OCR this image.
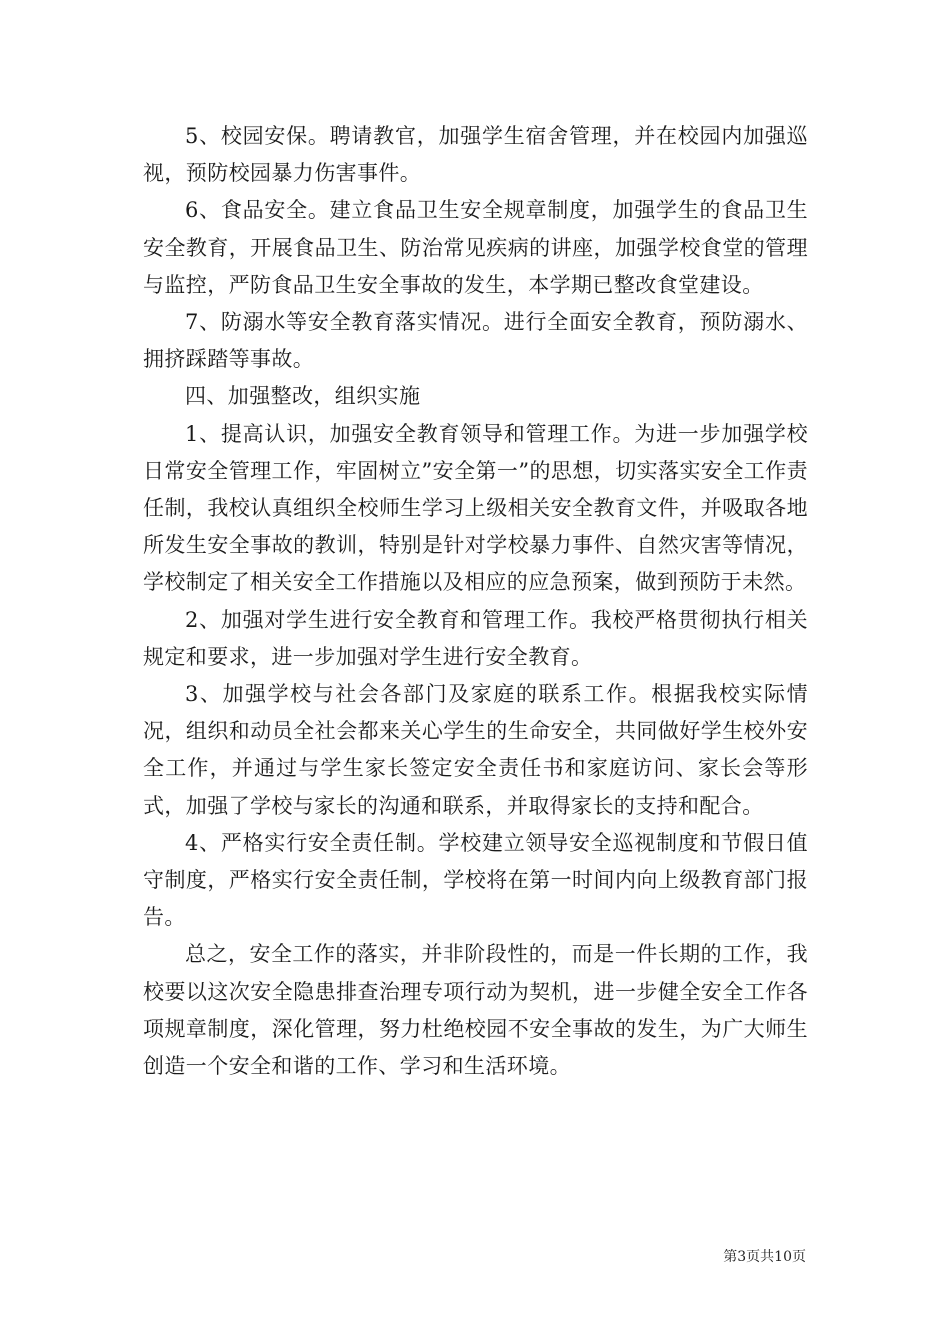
5、校园安保。聘请教官，加强学生宿舍管理，并在校园内加强巡视，预防校园暴力伤害事件。

6、食品安全。建立食品卫生安全规章制度，加强学生的食品卫生安全教育，开展食品卫生、防治常见疾病的讲座，加强学校食堂的管理与监控，严防食品卫生安全事故的发生，本学期已整改食堂建设。

7、防溺水等安全教育落实情况。进行全面安全教育，预防溺水、拥挤踩踏等事故。

四、加强整改，组织实施

1、提高认识，加强安全教育领导和管理工作。为进一步加强学校日常安全管理工作，牢固树立”安全第一”的思想，切实落实安全工作责任制，我校认真组织全校师生学习上级相关安全教育文件，并吸取各地所发生安全事故的教训，特别是针对学校暴力事件、自然灾害等情况，学校制定了相关安全工作措施以及相应的应急预案，做到预防于未然。

2、加强对学生进行安全教育和管理工作。我校严格贯彻执行相关规定和要求，进一步加强对学生进行安全教育。

3、加强学校与社会各部门及家庭的联系工作。根据我校实际情况，组织和动员全社会都来关心学生的生命安全，共同做好学生校外安全工作，并通过与学生家长签定安全责任书和家庭访问、家长会等形式，加强了学校与家长的沟通和联系，并取得家长的支持和配合。

4、严格实行安全责任制。学校建立领导安全巡视制度和节假日值守制度，严格实行安全责任制，学校将在第一时间内向上级教育部门报告。

总之，安全工作的落实，并非阶段性的，而是一件长期的工作，我校要以这次安全隐患排查治理专项行动为契机，进一步健全安全工作各项规章制度，深化管理，努力杜绝校园不安全事故的发生，为广大师生创造一个安全和谐的工作、学习和生活环境。

第3页共10页
